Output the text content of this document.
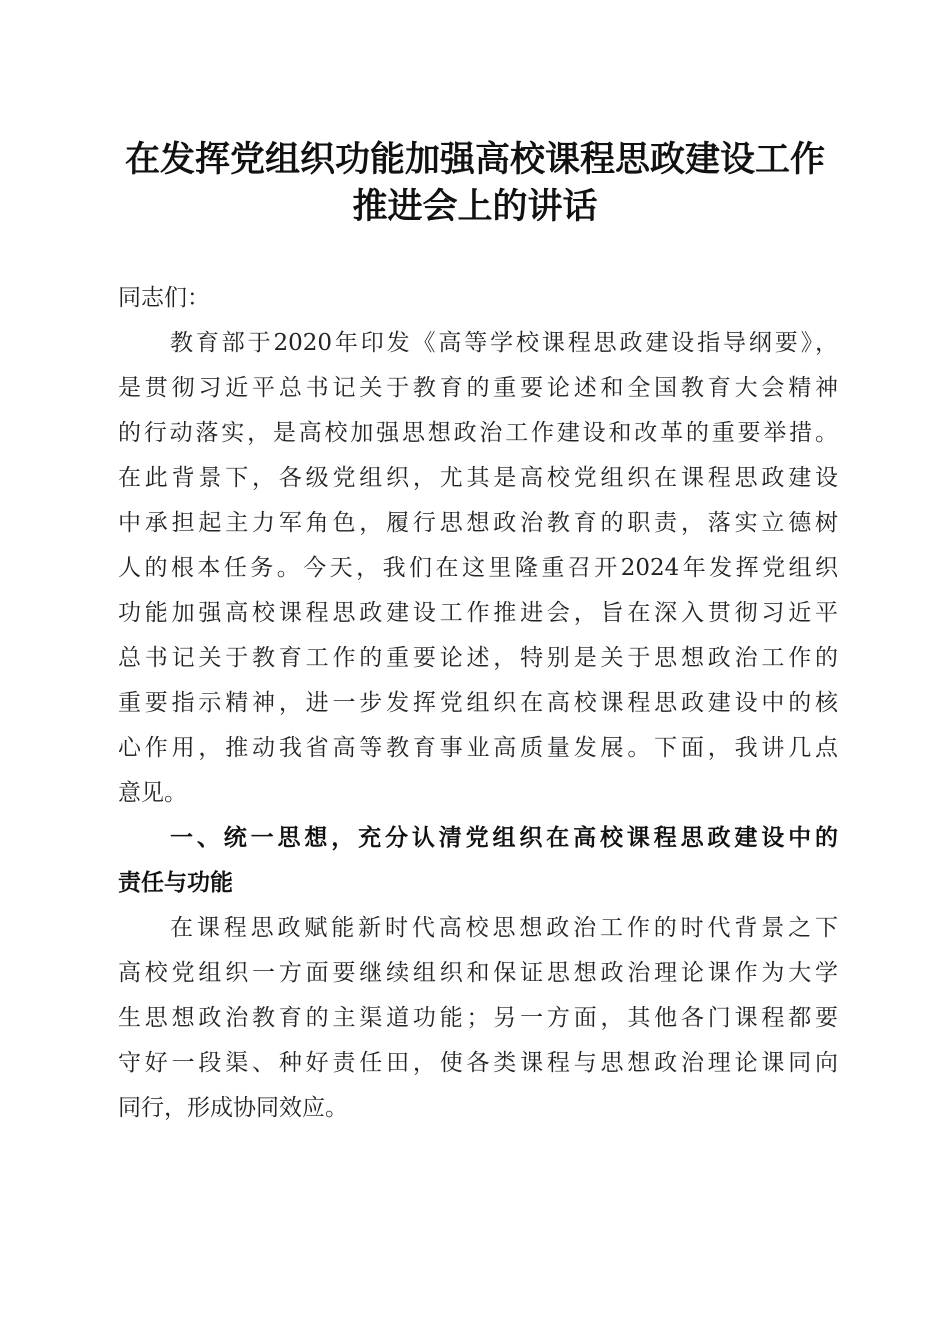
在发挥党组织功能加强高校课程思政建设工作
推进会上的讲话
同志们：
教育部于2020年印发《高等学校课程思政建设指导纲要》，
是贯彻习近平总书记关于教育的重要论述和全国教育大会精神
的行动落实，是高校加强思想政治工作建设和改革的重要举措。
在此背景下，各级党组织，尤其是高校党组织在课程思政建设
中承担起主力军角色，履行思想政治教育的职责，落实立德树
人的根本任务。今天，我们在这里隆重召开2024年发挥党组织
功能加强高校课程思政建设工作推进会，旨在深入贯彻习近平
总书记关于教育工作的重要论述，特别是关于思想政治工作的
重要指示精神，进一步发挥党组织在高校课程思政建设中的核
心作用，推动我省高等教育事业高质量发展。下面，我讲几点
意见。
一、统一思想，充分认清党组织在高校课程思政建设中的
责任与功能
在课程思政赋能新时代高校思想政治工作的时代背景之下
高校党组织一方面要继续组织和保证思想政治理论课作为大学
生思想政治教育的主渠道功能；另一方面，其他各门课程都要
守好一段渠、种好责任田，使各类课程与思想政治理论课同向
同行，形成协同效应。
